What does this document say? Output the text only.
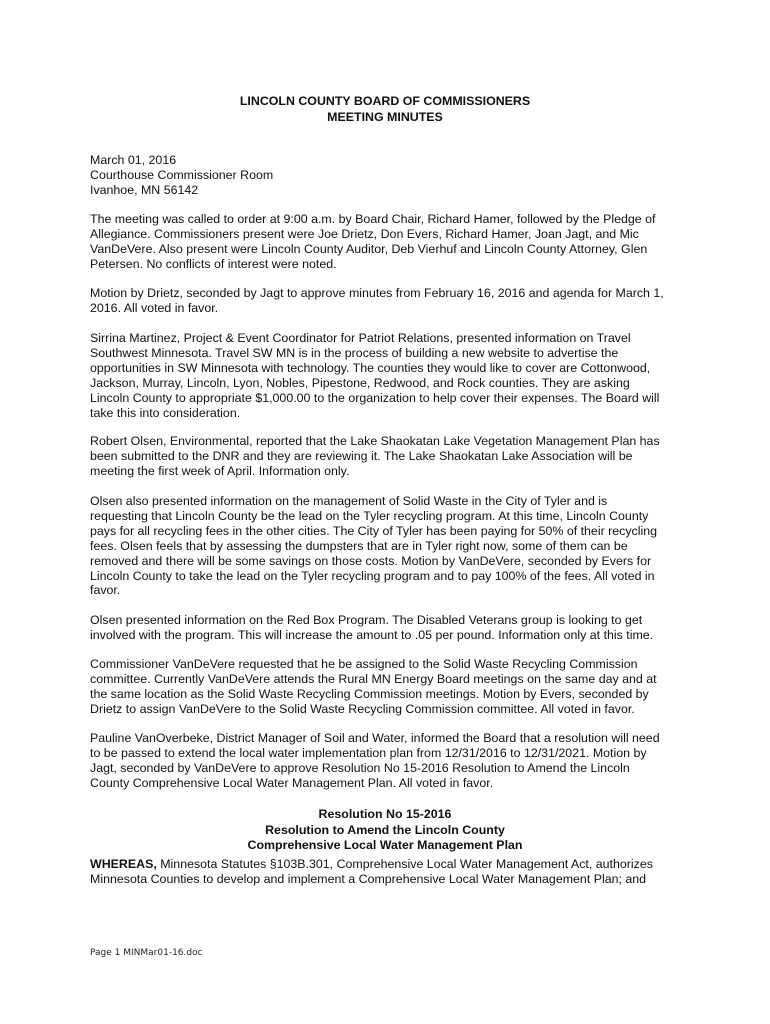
LINCOLN COUNTY BOARD OF COMMISSIONERS
MEETING MINUTES
March 01, 2016
Courthouse Commissioner Room
Ivanhoe, MN 56142
The meeting was called to order at 9:00 a.m. by Board Chair, Richard Hamer, followed by the Pledge of
Allegiance. Commissioners present were Joe Drietz, Don Evers, Richard Hamer, Joan Jagt, and Mic
VanDeVere. Also present were Lincoln County Auditor, Deb Vierhuf and Lincoln County Attorney, Glen
Petersen. No conflicts of interest were noted.
Motion by Drietz, seconded by Jagt to approve minutes from February 16, 2016 and agenda for March 1,
2016. All voted in favor.
Sirrina Martinez, Project & Event Coordinator for Patriot Relations, presented information on Travel
Southwest Minnesota. Travel SW MN is in the process of building a new website to advertise the
opportunities in SW Minnesota with technology. The counties they would like to cover are Cottonwood,
Jackson, Murray, Lincoln, Lyon, Nobles, Pipestone, Redwood, and Rock counties. They are asking
Lincoln County to appropriate $1,000.00 to the organization to help cover their expenses. The Board will
take this into consideration.
Robert Olsen, Environmental, reported that the Lake Shaokatan Lake Vegetation Management Plan has
been submitted to the DNR and they are reviewing it. The Lake Shaokatan Lake Association will be
meeting the first week of April. Information only.
Olsen also presented information on the management of Solid Waste in the City of Tyler and is
requesting that Lincoln County be the lead on the Tyler recycling program. At this time, Lincoln County
pays for all recycling fees in the other cities. The City of Tyler has been paying for 50% of their recycling
fees. Olsen feels that by assessing the dumpsters that are in Tyler right now, some of them can be
removed and there will be some savings on those costs. Motion by VanDeVere, seconded by Evers for
Lincoln County to take the lead on the Tyler recycling program and to pay 100% of the fees. All voted in
favor.
Olsen presented information on the Red Box Program. The Disabled Veterans group is looking to get
involved with the program. This will increase the amount to .05 per pound. Information only at this time.
Commissioner VanDeVere requested that he be assigned to the Solid Waste Recycling Commission
committee. Currently VanDeVere attends the Rural MN Energy Board meetings on the same day and at
the same location as the Solid Waste Recycling Commission meetings. Motion by Evers, seconded by
Drietz to assign VanDeVere to the Solid Waste Recycling Commission committee. All voted in favor.
Pauline VanOverbeke, District Manager of Soil and Water, informed the Board that a resolution will need
to be passed to extend the local water implementation plan from 12/31/2016 to 12/31/2021. Motion by
Jagt, seconded by VanDeVere to approve Resolution No 15-2016 Resolution to Amend the Lincoln
County Comprehensive Local Water Management Plan. All voted in favor.
Resolution No 15-2016
Resolution to Amend the Lincoln County
Comprehensive Local Water Management Plan
WHEREAS, Minnesota Statutes §103B.301, Comprehensive Local Water Management Act, authorizes
Minnesota Counties to develop and implement a Comprehensive Local Water Management Plan; and
Page 1 MINMar01-16.doc
